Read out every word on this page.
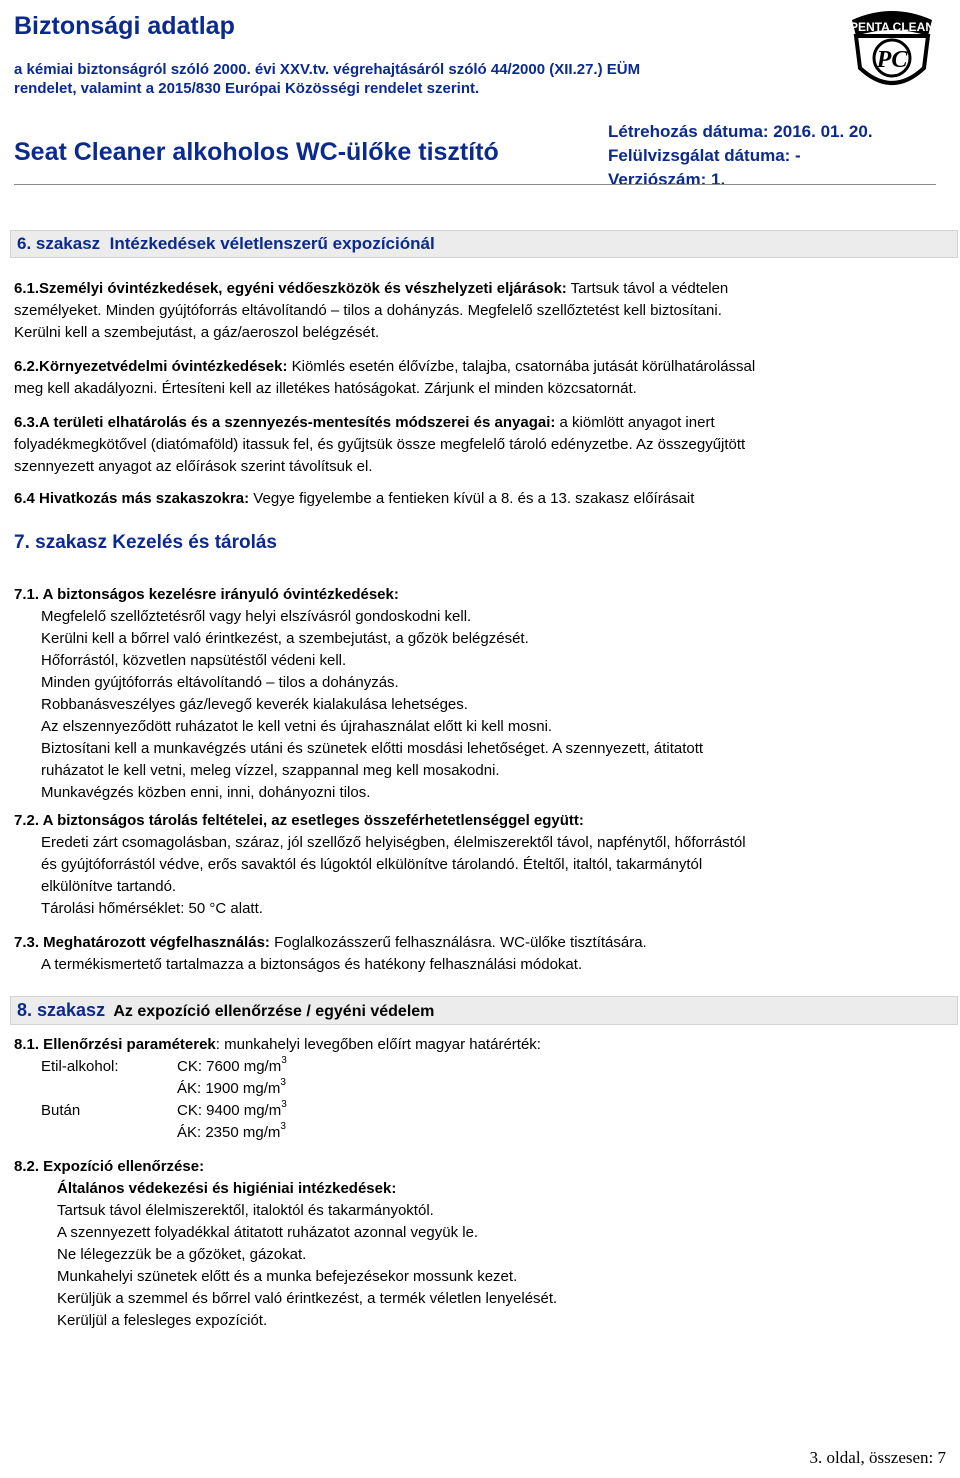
Biztonsági adatlap
a kémiai biztonságról szóló 2000. évi XXV.tv. végrehajtásáról szóló 44/2000 (XII.27.) EÜM
rendelet, valamint a 2015/830 Európai Közösségi rendelet szerint.
PENTA CLEAN
PC
Seat Cleaner alkoholos WC-ülőke tisztító
Létrehozás dátuma: 2016. 01. 20.
Felülvizsgálat dátuma: -
Verziószám: 1.
6. szakasz Intézkedések véletlenszerű expozíciónál
6.1.Személyi óvintézkedések, egyéni védőeszközök és vészhelyzeti eljárások: Tartsuk távol a védtelen
személyeket. Minden gyújtóforrás eltávolítandó – tilos a dohányzás. Megfelelő szellőztetést kell biztosítani.
Kerülni kell a szembejutást, a gáz/aeroszol belégzését.
6.2.Környezetvédelmi óvintézkedések: Kiömlés esetén élővízbe, talajba, csatornába jutását körülhatárolással
meg kell akadályozni. Értesíteni kell az illetékes hatóságokat. Zárjunk el minden közcsatornát.
6.3.A területi elhatárolás és a szennyezés-mentesítés módszerei és anyagai: a kiömlött anyagot inert
folyadékmegkötővel (diatómaföld) itassuk fel, és gyűjtsük össze megfelelő tároló edényzetbe. Az összegyűjtött
szennyezett anyagot az előírások szerint távolítsuk el.
6.4 Hivatkozás más szakaszokra: Vegye figyelembe a fentieken kívül a 8. és a 13. szakasz előírásait
7. szakasz Kezelés és tárolás
7.1. A biztonságos kezelésre irányuló óvintézkedések:
Megfelelő szellőztetésről vagy helyi elszívásról gondoskodni kell.
Kerülni kell a bőrrel való érintkezést, a szembejutást, a gőzök belégzését.
Hőforrástól, közvetlen napsütéstől védeni kell.
Minden gyújtóforrás eltávolítandó – tilos a dohányzás.
Robbanásveszélyes gáz/levegő keverék kialakulása lehetséges.
Az elszennyeződött ruházatot le kell vetni és újrahasználat előtt ki kell mosni.
Biztosítani kell a munkavégzés utáni és szünetek előtti mosdási lehetőséget. A szennyezett, átitatott
ruházatot le kell vetni, meleg vízzel, szappannal meg kell mosakodni.
Munkavégzés közben enni, inni, dohányozni tilos.
7.2. A biztonságos tárolás feltételei, az esetleges összeférhetetlenséggel együtt:
Eredeti zárt csomagolásban, száraz, jól szellőző helyiségben, élelmiszerektől távol, napfénytől, hőforrástól
és gyújtóforrástól védve, erős savaktól és lúgoktól elkülönítve tárolandó. Ételtől, italtól, takarmánytól
elkülönítve tartandó.
Tárolási hőmérséklet: 50 °C alatt.
7.3. Meghatározott végfelhasználás: Foglalkozásszerű felhasználásra. WC-ülőke tisztítására.
A termékismertető tartalmazza a biztonságos és hatékony felhasználási módokat.
8. szakasz Az expozíció ellenőrzése / egyéni védelem
8.1. Ellenőrzési paraméterek: munkahelyi levegőben előírt magyar határérték:
Etil-alkohol:	CK: 7600 $mg/m^3$
ÁK: 1900 $mg/m^3$
Bután	CK: 9400 $mg/m^3$
ÁK: 2350 $mg/m^3$
8.2. Expozíció ellenőrzése:
Általános védekezési és higiéniai intézkedések:
Tartsuk távol élelmiszerektől, italoktól és takarmányoktól.
A szennyezett folyadékkal átitatott ruházatot azonnal vegyük le.
Ne lélegezzük be a gőzöket, gázokat.
Munkahelyi szünetek előtt és a munka befejezésekor mossunk kezet.
Kerüljük a szemmel és bőrrel való érintkezést, a termék véletlen lenyelését.
Kerüljül a felesleges expozíciót.
3. oldal, összesen: 7
